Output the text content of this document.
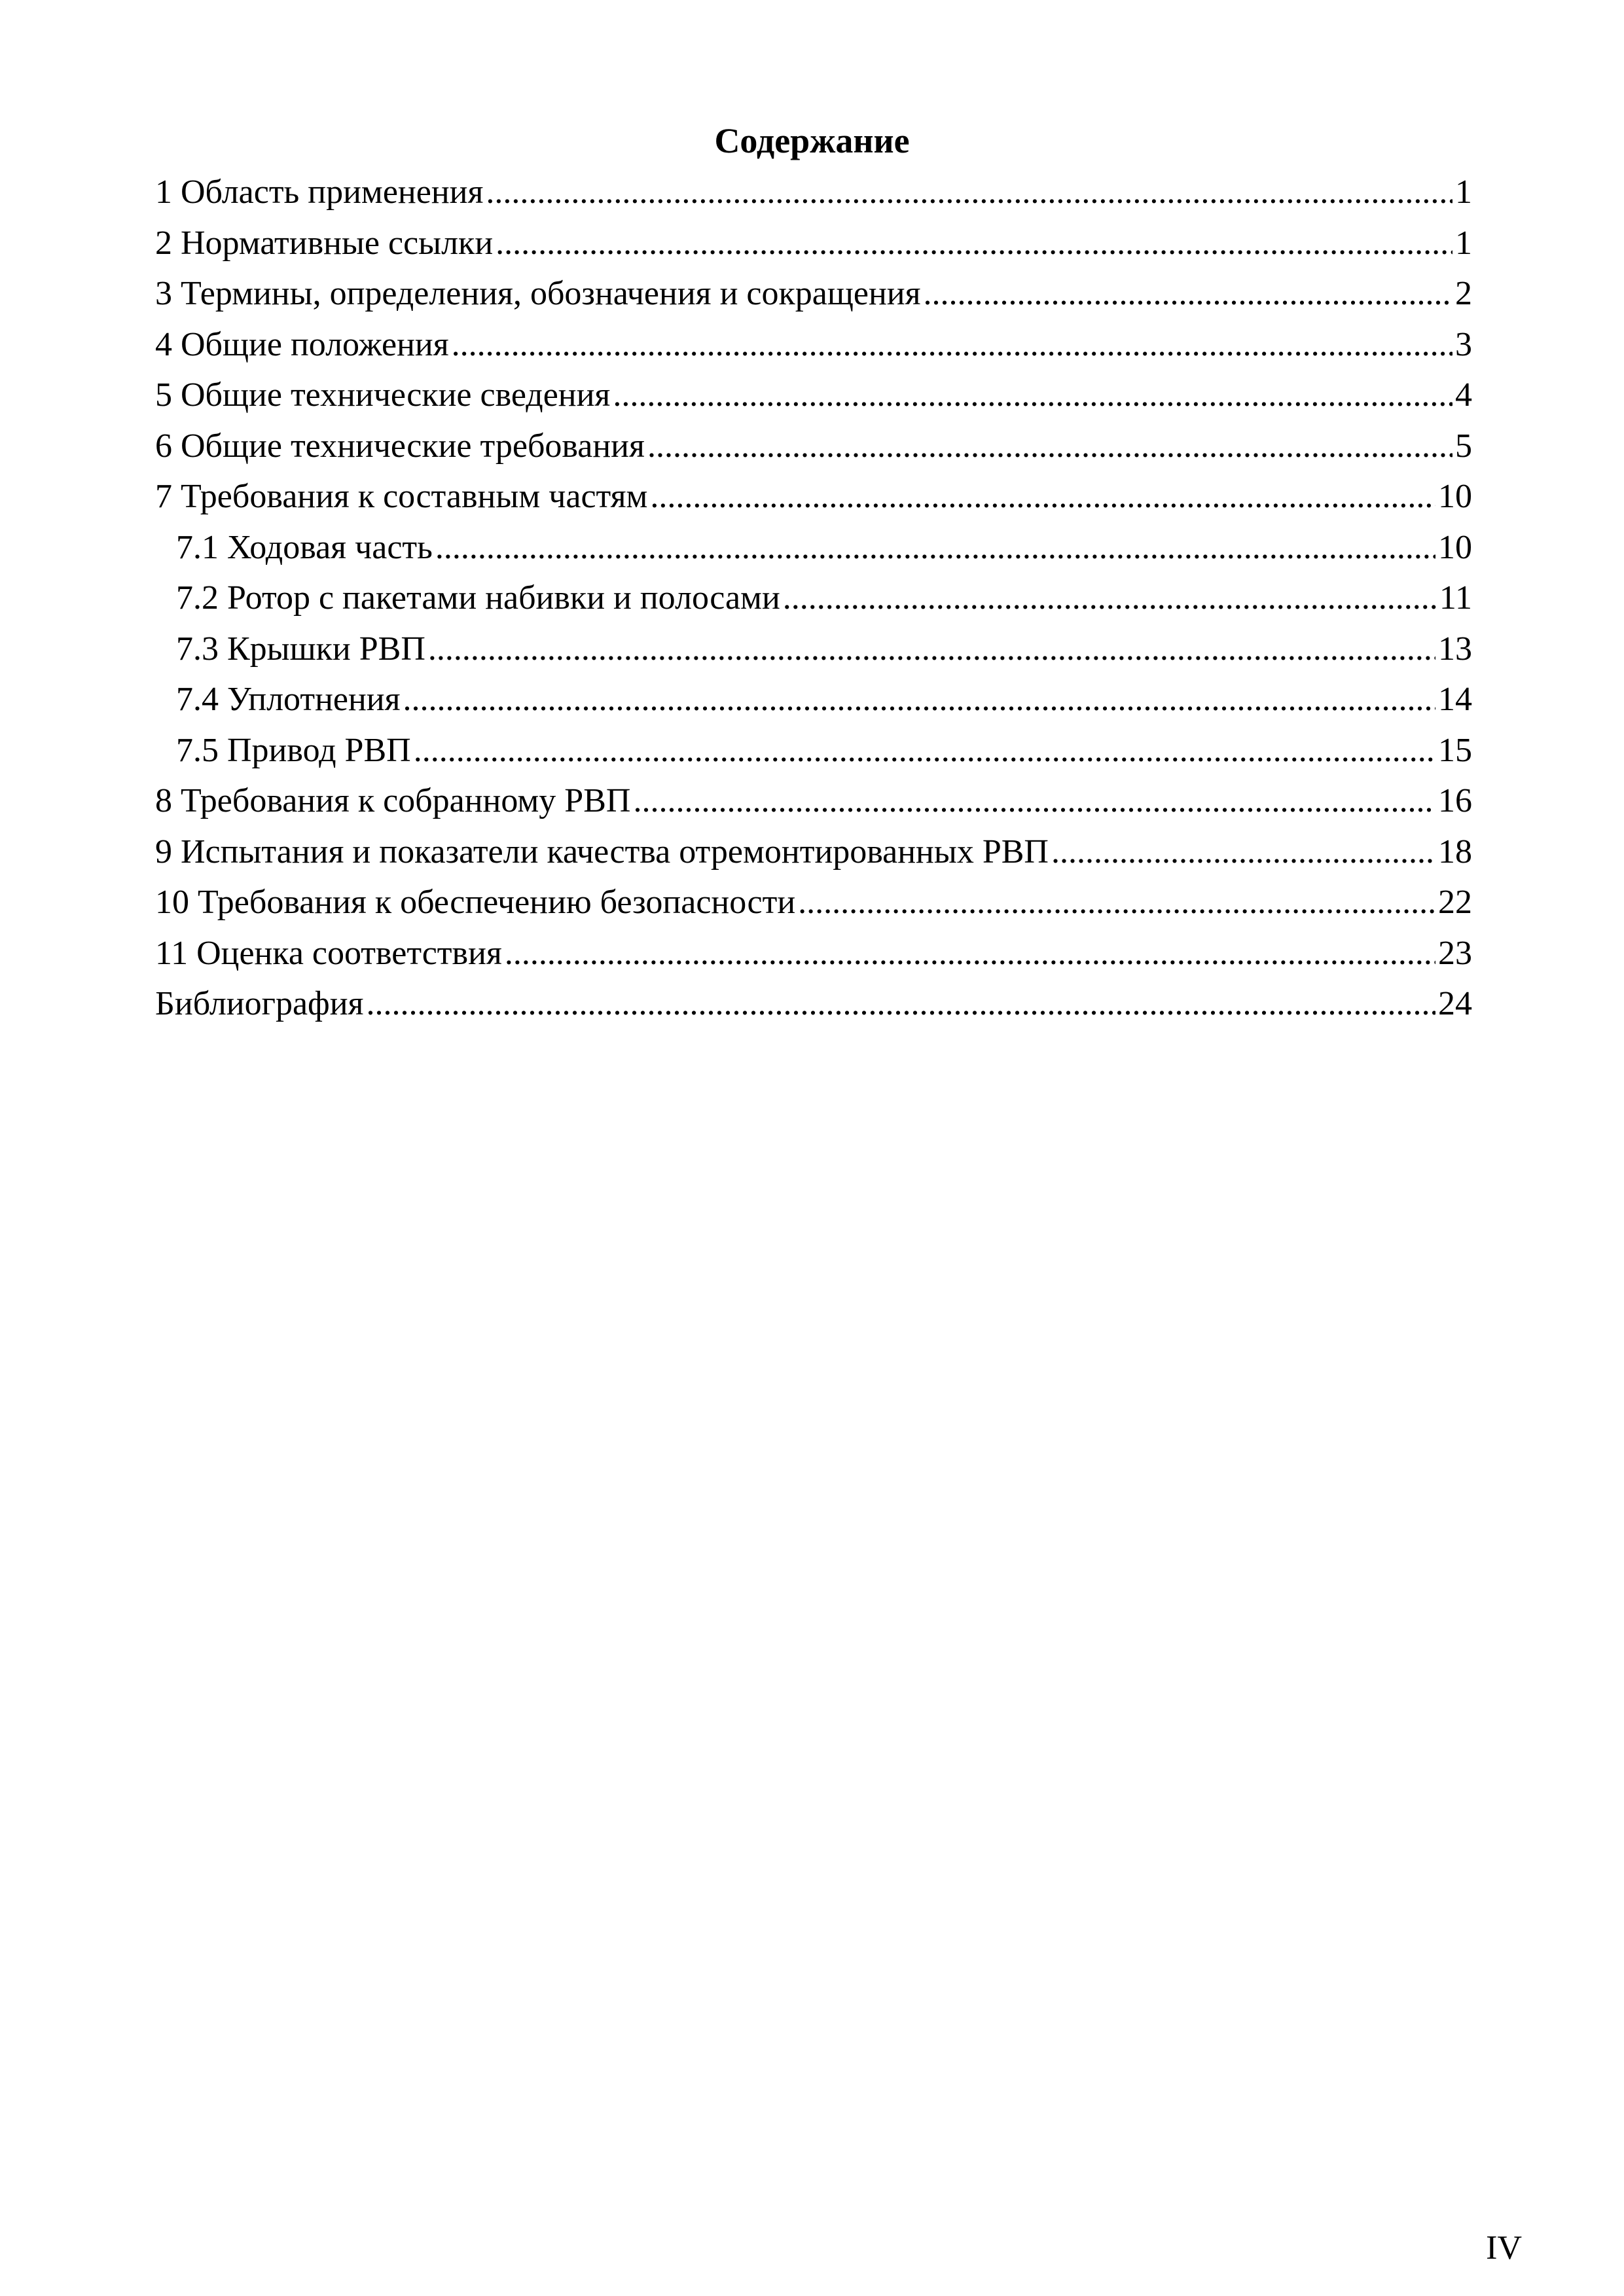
Содержание
1 Область применения .....	1
2 Нормативные ссылки .....	1
3 Термины, определения, обозначения и сокращения .....	2
4 Общие положения .....	3
5 Общие технические сведения .....	4
6 Общие технические требования .....	5
7 Требования к составным частям .....	10
7.1 Ходовая часть .....	10
7.2 Ротор с пакетами набивки и полосами .....	11
7.3 Крышки РВП .....	13
7.4 Уплотнения .....	14
7.5 Привод РВП .....	15
8 Требования к собранному РВП .....	16
9 Испытания и показатели качества отремонтированных РВП .....	18
10 Требования к обеспечению безопасности .....	22
11 Оценка соответствия .....	23
Библиография .....	24
IV
